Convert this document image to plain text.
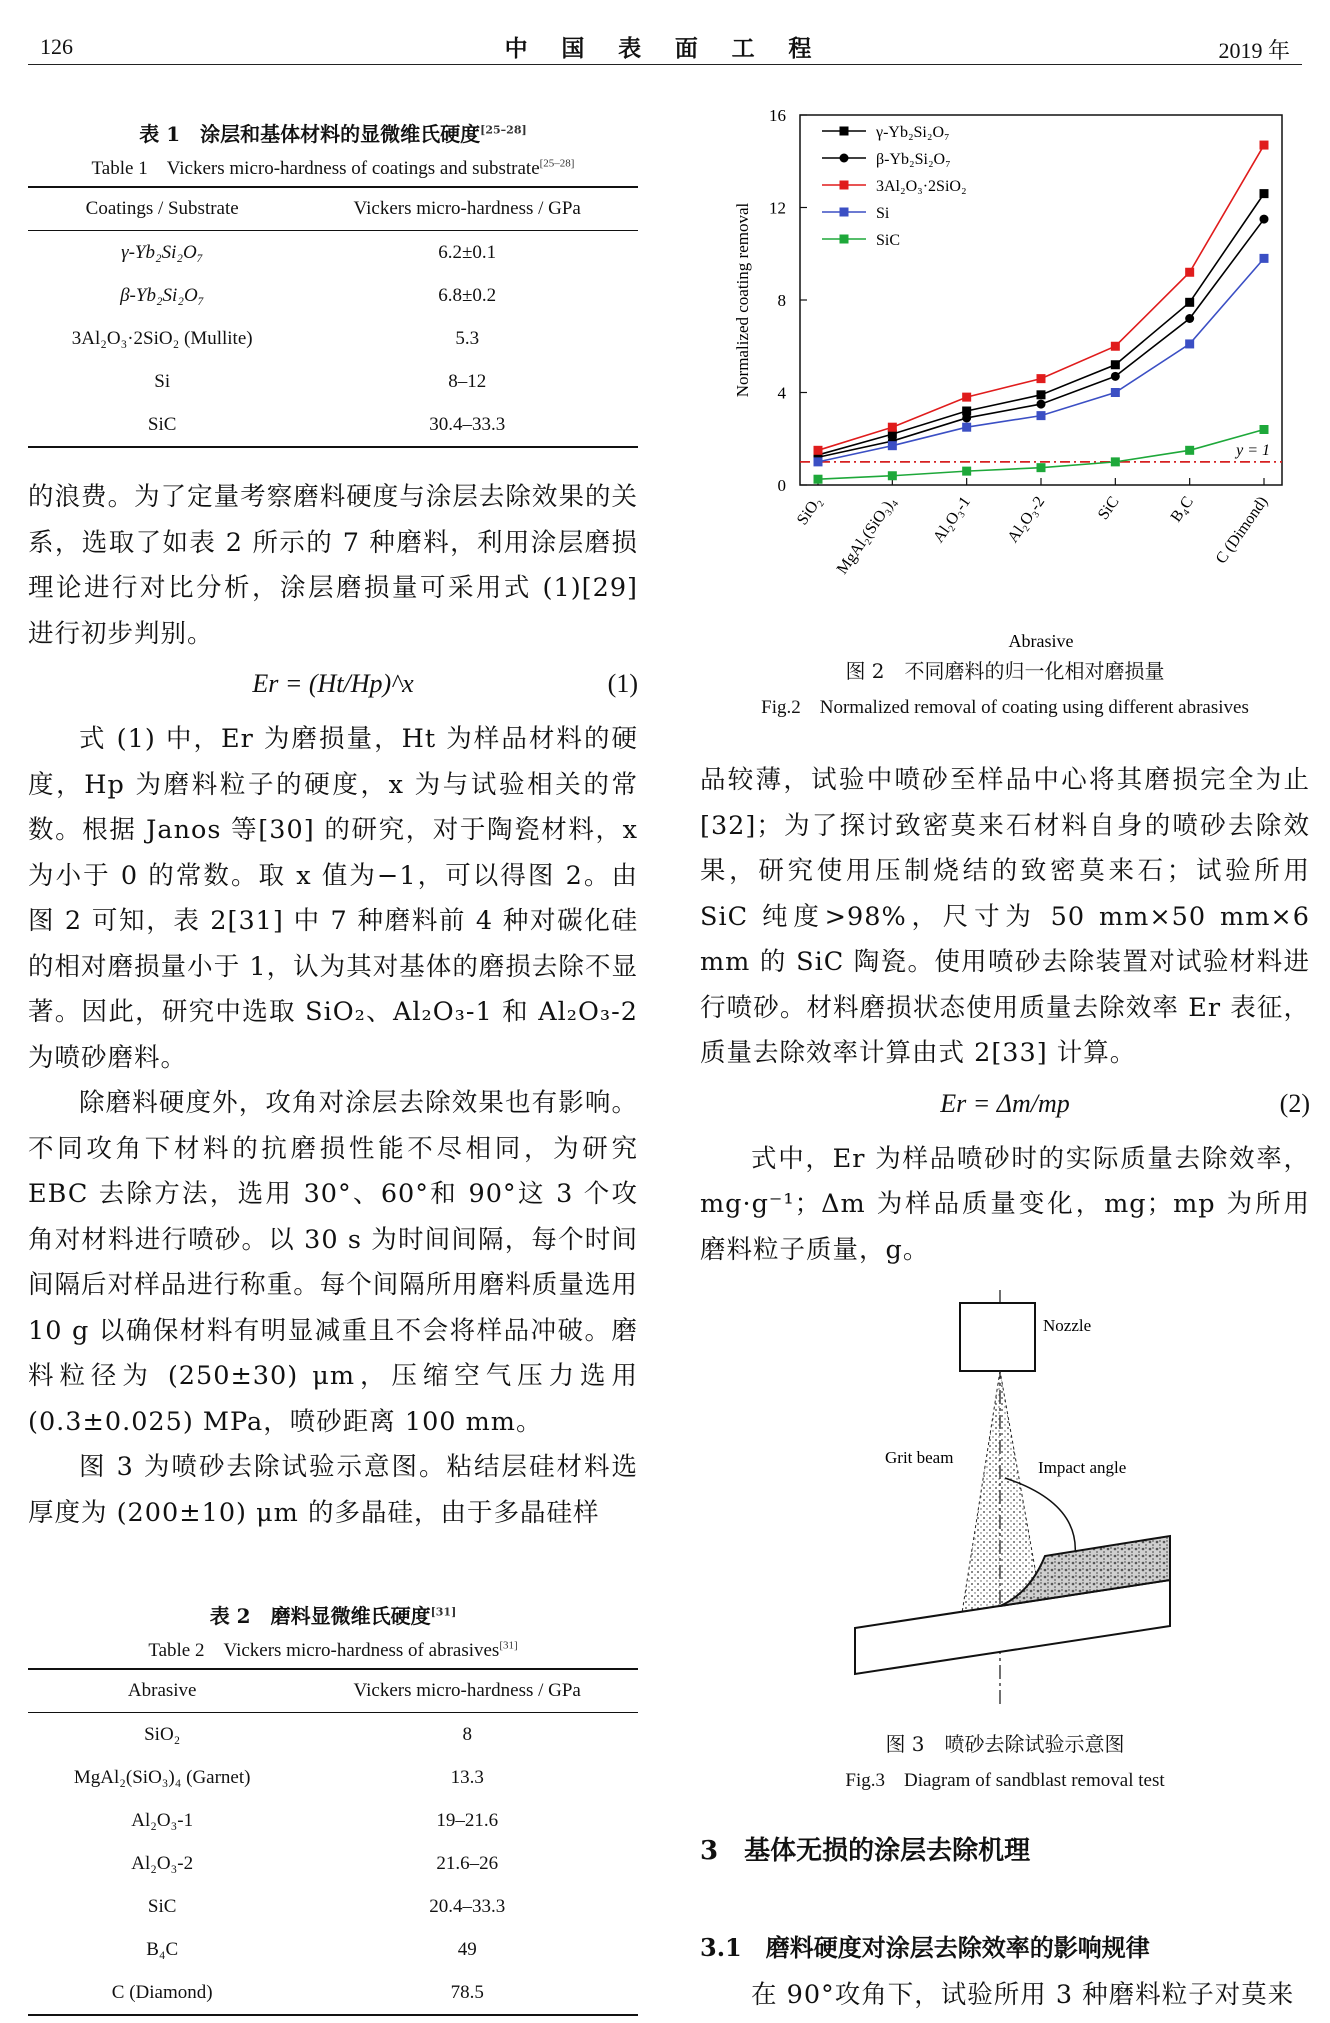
126	中 国 表 面 工 程	2019 年
表 1　涂层和基体材料的显微维氏硬度[25–28]
Table 1　Vickers micro-hardness of coatings and substrate[25–28]
Coatings / Substrate	Vickers micro-hardness / GPa
γ-Yb₂Si₂O₇	6.2±0.1
β-Yb₂Si₂O₇	6.8±0.2
3Al₂O₃·2SiO₂ (Mullite)	5.3
Si	8–12
SiC	30.4–33.3

的浪费。为了定量考察磨料硬度与涂层去除效果的关系，选取了如表 2 所示的 7 种磨料，利用涂层磨损理论进行对比分析，涂层磨损量可采用式 (1)[29] 进行初步判别。

Er = (Ht/Hp)^x	(1)

式 (1) 中，Er 为磨损量，Ht 为样品材料的硬度，Hp 为磨料粒子的硬度，x 为与试验相关的常数。根据 Janos 等[30] 的研究，对于陶瓷材料，x 为小于 0 的常数。取 x 值为−1，可以得图 2。由图 2 可知，表 2[31] 中 7 种磨料前 4 种对碳化硅的相对磨损量小于 1，认为其对基体的磨损去除不显著。因此，研究中选取 SiO₂、Al₂O₃-1 和 Al₂O₃-2 为喷砂磨料。

除磨料硬度外，攻角对涂层去除效果也有影响。不同攻角下材料的抗磨损性能不尽相同，为研究 EBC 去除方法，选用 30°、60°和 90°这 3 个攻角对材料进行喷砂。以 30 s 为时间间隔，每个时间间隔后对样品进行称重。每个间隔所用磨料质量选用 10 g 以确保材料有明显减重且不会将样品冲破。磨料粒径为 (250±30) μm，压缩空气压力选用 (0.3±0.025) MPa，喷砂距离 100 mm。

图 3 为喷砂去除试验示意图。粘结层硅材料选厚度为 (200±10) μm 的多晶硅，由于多晶硅样

表 2　磨料显微维氏硬度[31]
Table 2　Vickers micro-hardness of abrasives[31]
Abrasive	Vickers micro-hardness / GPa
SiO₂	8
MgAl₂(SiO₃)₄ (Garnet)	13.3
Al₂O₃-1	19–21.6
Al₂O₃-2	21.6–26
SiC	20.4–33.3
B₄C	49
C (Diamond)	78.5
0
4
8
12
16
SiO₂ MgAl₂(SiO₃)₄ Al₂O₃-1 Al₂O₃-2	SiC	B₄C C (Dimond)
Normalized coating removal
Abrasive
y = 1
γ-Yb₂Si₂O₇
β-Yb₂Si₂O₇
3Al₂O₃·2SiO₂
Si
SiC
图 2　不同磨料的归一化相对磨损量
Fig.2　Normalized removal of coating using different abrasives

品较薄，试验中喷砂至样品中心将其磨损完全为止[32]；为了探讨致密莫来石材料自身的喷砂去除效果，研究使用压制烧结的致密莫来石；试验所用 SiC 纯度>98%，尺寸为 50 mm×50 mm×6 mm 的 SiC 陶瓷。使用喷砂去除装置对试验材料进行喷砂。材料磨损状态使用质量去除效率 Er 表征，质量去除效率计算由式 2[33] 计算。

Er = Δm/mp	(2)

式中，Er 为样品喷砂时的实际质量去除效率，mg·g⁻¹；Δm 为样品质量变化，mg；mp 为所用磨料粒子质量，g。

Nozzle
Grit beam
Impact angle
图 3　喷砂去除试验示意图
Fig.3　Diagram of sandblast removal test
3　基体无损的涂层去除机理
3.1　磨料硬度对涂层去除效率的影响规律

在 90°攻角下，试验所用 3 种磨料粒子对莫来
